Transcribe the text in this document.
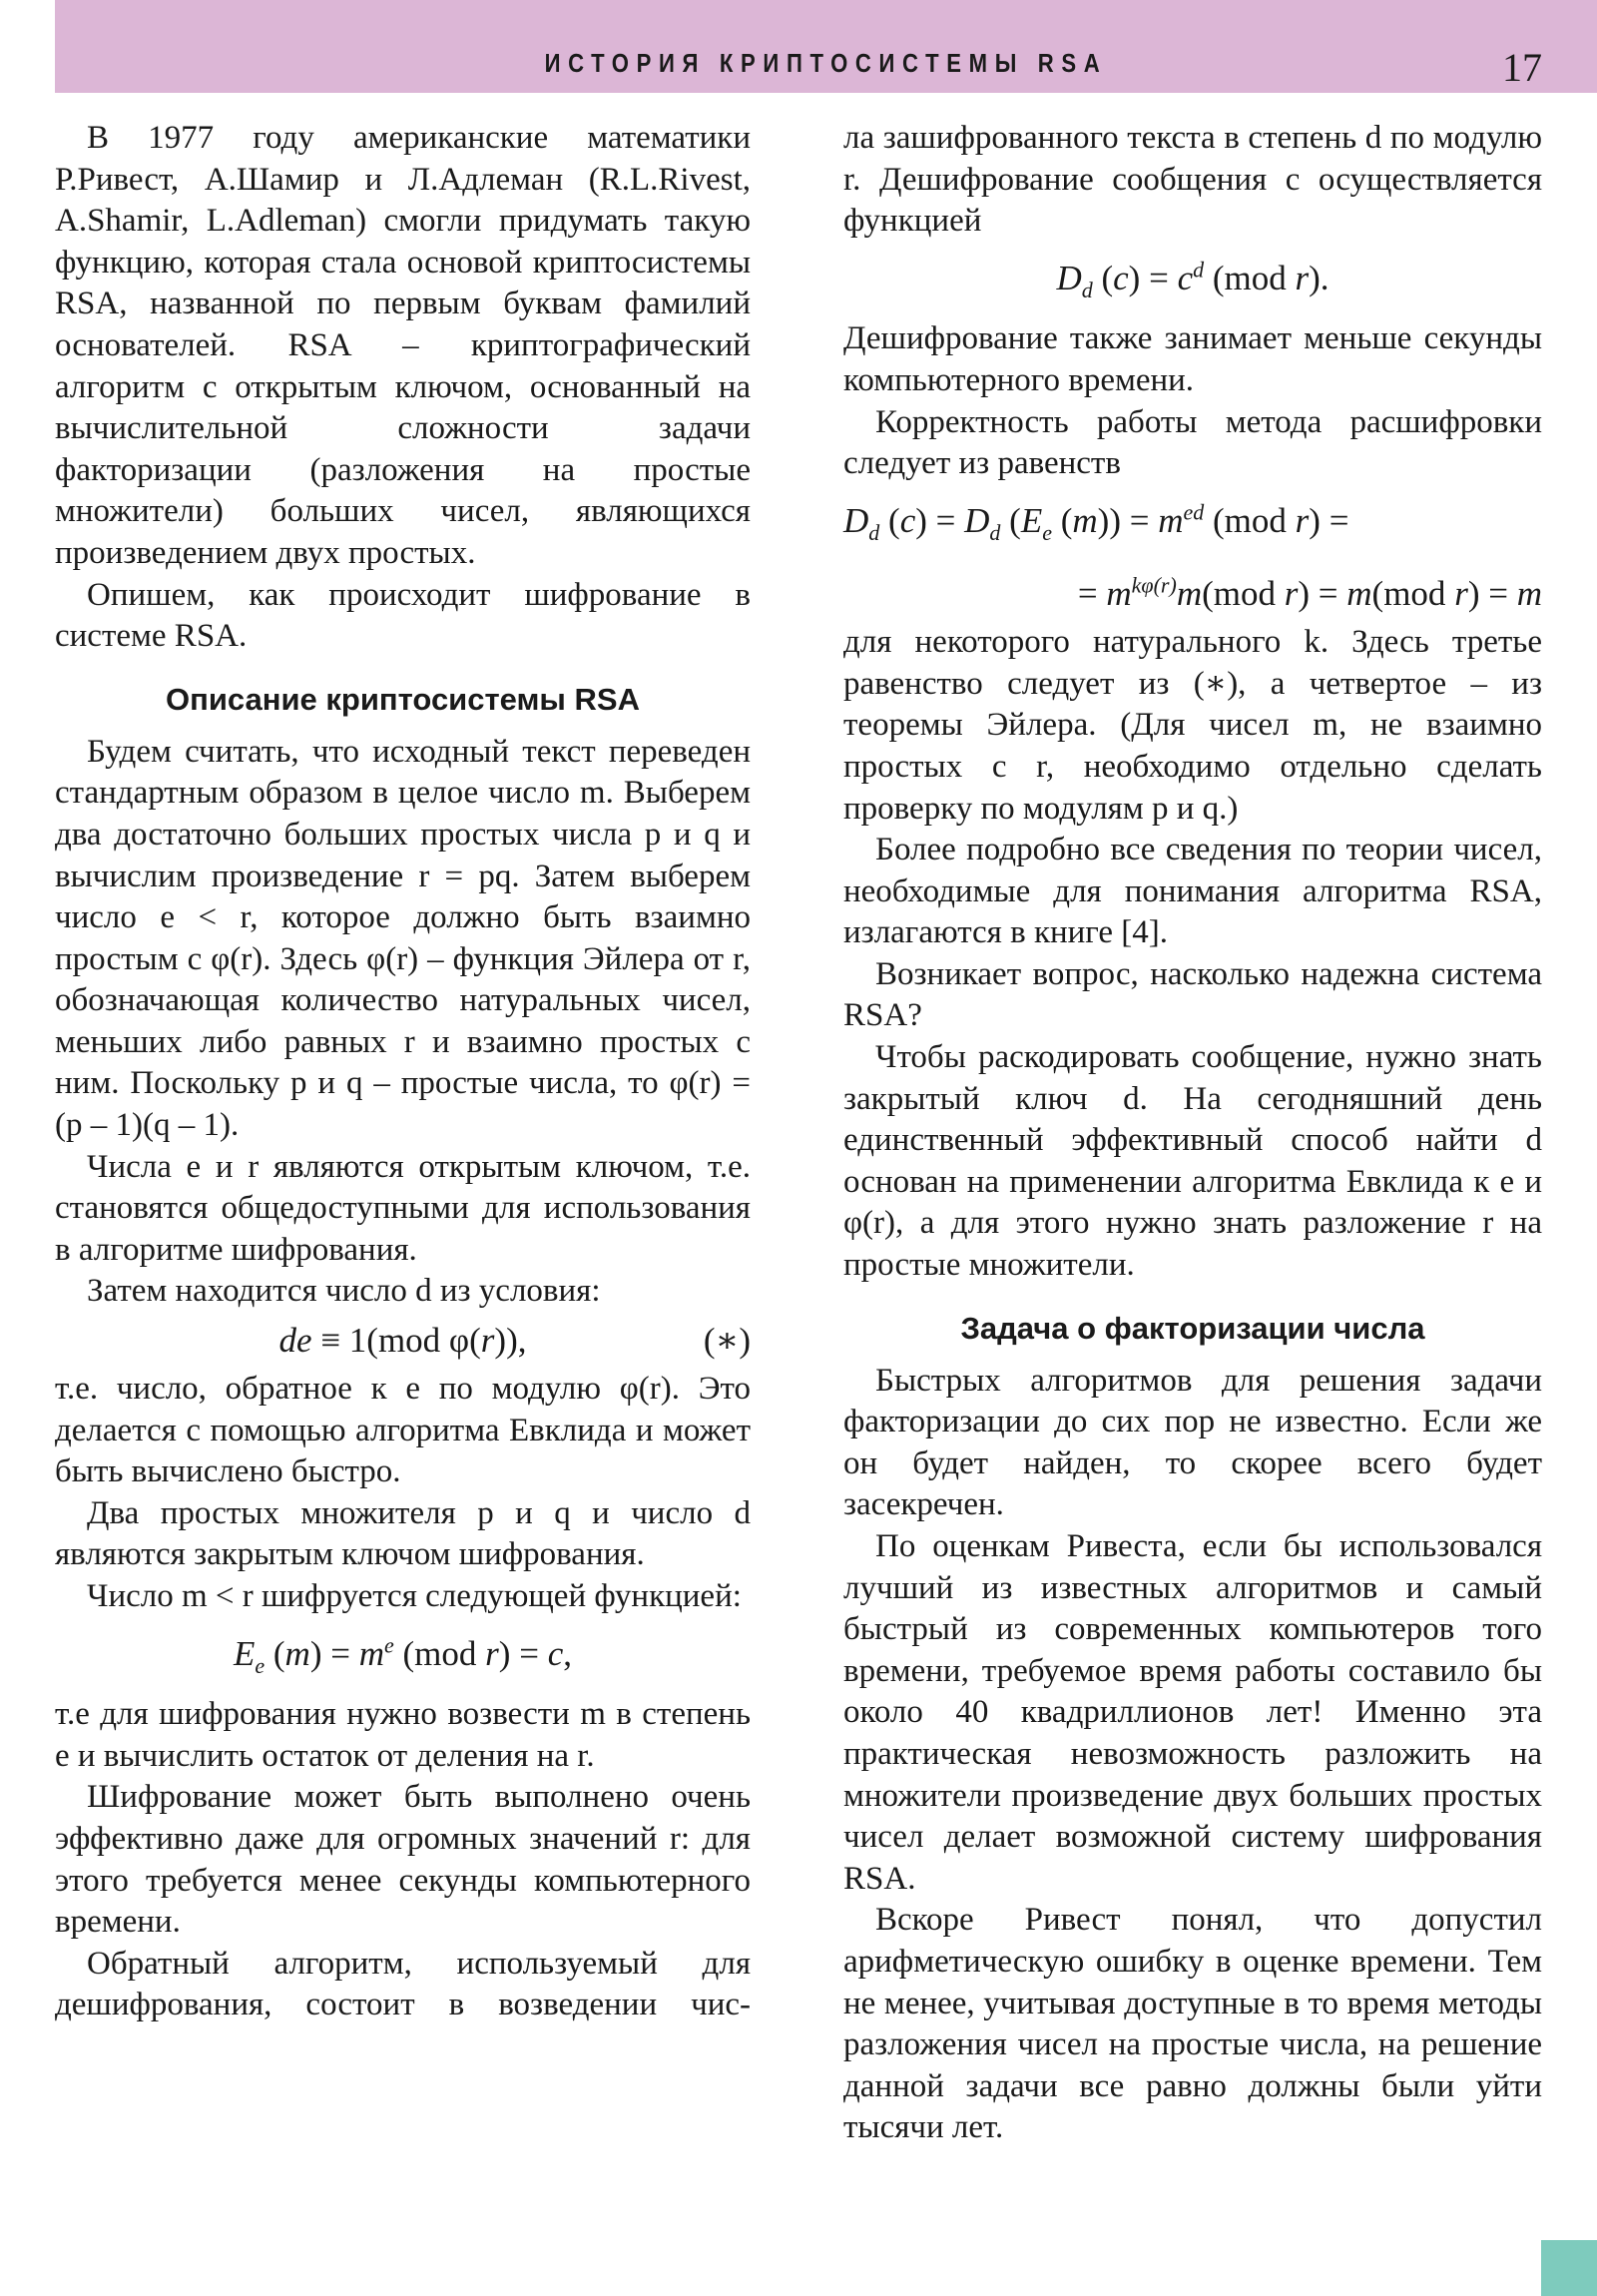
ИСТОРИЯ КРИПТОСИСТЕМЫ RSA	17

В 1977 году американские математики Р.Ривест, А.Шамир и Л.Адлеман (R.L.Rivest, A.Shamir, L.Adleman) смогли придумать такую функцию, которая стала основой криптосистемы RSA, названной по первым буквам фамилий основателей. RSA – криптографический алгоритм с открытым ключом, основанный на вычислительной сложности задачи факторизации (разложения на простые множители) больших чисел, являющихся произведением двух простых.

Опишем, как происходит шифрование в системе RSA.

Описание криптосистемы RSA

Будем считать, что исходный текст переведен стандартным образом в целое число m. Выберем два достаточно больших простых числа p и q и вычислим произведение r = pq. Затем выберем число e < r, которое должно быть взаимно простым с φ(r). Здесь φ(r) – функция Эйлера от r, обозначающая количество натуральных чисел, меньших либо равных r и взаимно простых с ним. Поскольку p и q – простые числа, то φ(r) = (p – 1)(q – 1).

Числа e и r являются открытым ключом, т.е. становятся общедоступными для использования в алгоритме шифрования.

Затем находится число d из условия:

de ≡ 1(mod φ(r)),	(∗)

т.е. число, обратное к e по модулю φ(r). Это делается с помощью алгоритма Евклида и может быть вычислено быстро.

Два простых множителя p и q и число d являются закрытым ключом шифрования.

Число m < r шифруется следующей функцией:

$E_e$ $(m) = m^e$ (mod r) = c,

т.е для шифрования нужно возвести m в степень e и вычислить остаток от деления на r.

Шифрование может быть выполнено очень эффективно даже для огромных значений r: для этого требуется менее секунды компьютерного времени.

Обратный алгоритм, используемый для дешифрования, состоит в возведении чис-

ла зашифрованного текста в степень d по модулю r. Дешифрование сообщения c осуществляется функцией

$D_d$ $(c) = c^d$ (mod r).

Дешифрование также занимает меньше секунды компьютерного времени.

Корректность работы метода расшифровки следует из равенств

$D_d$ $(c) = D_d$ ($E_e$ $(m)) = m^{ed}$ (mod r) =
= $m^{k\varphi(r)}m(mod$ r) = m(mod r) = m

для некоторого натурального k. Здесь третье равенство следует из (∗), а четвертое – из теоремы Эйлера. (Для чисел m, не взаимно простых с r, необходимо отдельно сделать проверку по модулям p и q.)

Более подробно все сведения по теории чисел, необходимые для понимания алгоритма RSA, излагаются в книге [4].

Возникает вопрос, насколько надежна система RSA?

Чтобы раскодировать сообщение, нужно знать закрытый ключ d. На сегодняшний день единственный эффективный способ найти d основан на применении алгоритма Евклида к e и φ(r), а для этого нужно знать разложение r на простые множители.

Задача о факторизации числа

Быстрых алгоритмов для решения задачи факторизации до сих пор не известно. Если же он будет найден, то скорее всего будет засекречен.

По оценкам Ривеста, если бы использовался лучший из известных алгоритмов и самый быстрый из современных компьютеров того времени, требуемое время работы составило бы около 40 квадриллионов лет! Именно эта практическая невозможность разложить на множители произведение двух больших простых чисел делает возможной систему шифрования RSA.

Вскоре Ривест понял, что допустил арифметическую ошибку в оценке времени. Тем не менее, учитывая доступные в то время методы разложения чисел на простые числа, на решение данной задачи все равно должны были уйти тысячи лет.
